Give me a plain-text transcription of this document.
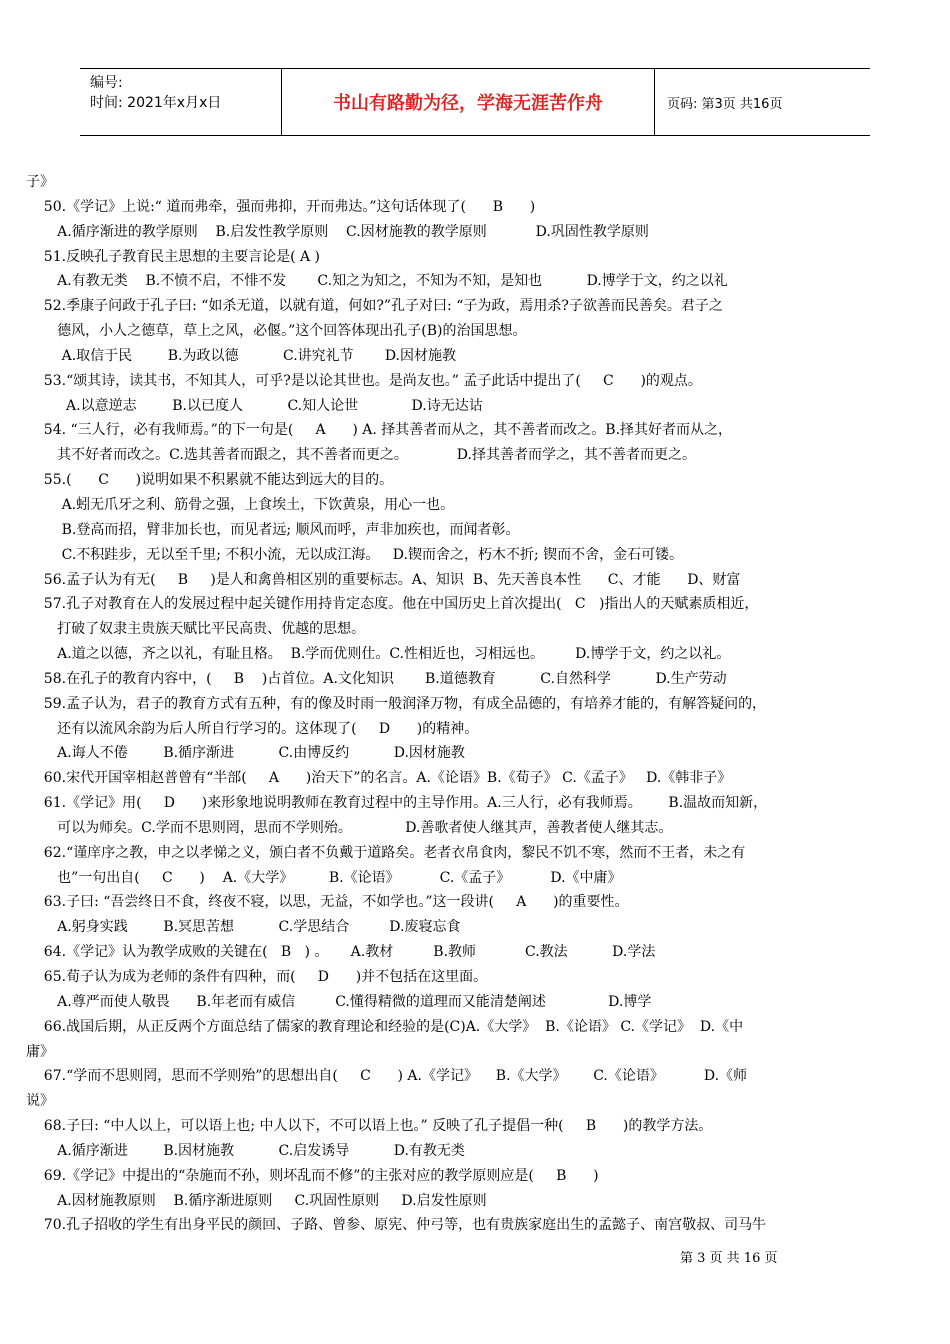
编号:
时间: 2021年x月x日	书山有路勤为径，学海无涯苦作舟	页码: 第3页 共16页
子》
50.《学记》上说:“ 道而弗牵，强而弗抑，开而弗达。”这句话体现了(      B      )
A.循序渐进的教学原则    B.启发性教学原则    C.因材施教的教学原则           D.巩固性教学原则
51.反映孔子教育民主思想的主要言论是( A )
A.有教无类    B.不愤不启，不悱不发       C.知之为知之，不知为不知，是知也          D.博学于文，约之以礼
52.季康子问政于孔子曰: “如杀无道，以就有道，何如?”孔子对曰: “子为政，焉用杀?子欲善而民善矣。君子之
德风，小人之德草，草上之风，必偃。”这个回答体现出孔子(B)的治国思想。
A.取信于民        B.为政以德          C.讲究礼节       D.因材施教
53.“颂其诗，读其书，不知其人，可乎?是以论其世也。是尚友也。” 孟子此话中提出了(     C      )的观点。
A.以意逆志        B.以已度人          C.知人论世            D.诗无达诂
54. “三人行，必有我师焉。”的下一句是(     A      ) A. 择其善者而从之，其不善者而改之。B.择其好者而从之，
其不好者而改之。C.选其善者而跟之，其不善者而更之。           D.择其善者而学之，其不善者而更之。
55.(      C      )说明如果不积累就不能达到远大的目的。
A.蚓无爪牙之利、筋骨之强，上食埃土，下饮黄泉，用心一也。
B.登高而招，臂非加长也，而见者远; 顺风而呼，声非加疾也，而闻者彰。
C.不积跬步，无以至千里; 不积小流，无以成江海。   D.锲而舍之，朽木不折; 锲而不舍，金石可镂。
56.孟子认为有无(     B     )是人和禽兽相区别的重要标志。A、知识  B、先天善良本性      C、才能      D、财富
57.孔子对教育在人的发展过程中起关键作用持肯定态度。他在中国历史上首次提出(   C   )指出人的天赋素质相近，
打破了奴隶主贵族天赋比平民高贵、优越的思想。
A.道之以德，齐之以礼，有耻且格。  B.学而优则仕。C.性相近也，习相远也。       D.博学于文，约之以礼。
58.在孔子的教育内容中，(     B    )占首位。A.文化知识       B.道德教育          C.自然科学          D.生产劳动
59.孟子认为，君子的教育方式有五种，有的像及时雨一般润泽万物，有成全品德的，有培养才能的，有解答疑问的，
还有以流风余韵为后人所自行学习的。这体现了(     D      )的精神。
A.诲人不倦        B.循序渐进          C.由博反约          D.因材施教
60.宋代开国宰相赵普曾有“半部(     A      )治天下”的名言。A.《论语》B.《荀子》 C.《孟子》   D.《韩非子》
61.《学记》用(     D      )来形象地说明教师在教育过程中的主导作用。A.三人行，必有我师焉。      B.温故而知新，
可以为师矣。C.学而不思则罔，思而不学则殆。            D.善歌者使人继其声，善教者使人继其志。
62.“谨庠序之教，申之以孝悌之义，颁白者不负戴于道路矣。老者衣帛食肉，黎民不饥不寒，然而不王者，未之有
也”一句出自(     C      )    A.《大学》        B.《论语》         C.《孟子》         D.《中庸》
63.子曰: “吾尝终日不食，终夜不寝，以思，无益，不如学也。”这一段讲(     A      )的重要性。
A.躬身实践        B.冥思苦想          C.学思结合         D.废寝忘食
64.《学记》认为教学成败的关键在(   B   ) 。     A.教材         B.教师           C.教法          D.学法
65.荀子认为成为老师的条件有四种，而(     D      )并不包括在这里面。
A.尊严而使人敬畏      B.年老而有威信         C.懂得精微的道理而又能清楚阐述              D.博学
66.战国后期，从正反两个方面总结了儒家的教育理论和经验的是(C)A.《大学》  B.《论语》 C.《学记》  D.《中
庸》
67.“学而不思则罔，思而不学则殆”的思想出自(     C      ) A.《学记》    B.《大学》      C.《论语》         D.《师
说》
68.子曰: “中人以上，可以语上也; 中人以下，不可以语上也。” 反映了孔子提倡一种(     B      )的教学方法。
A.循序渐进        B.因材施教          C.启发诱导          D.有教无类
69.《学记》中提出的“杂施而不孙，则坏乱而不修”的主张对应的教学原则应是(     B      )
A.因材施教原则    B.循序渐进原则     C.巩固性原则     D.启发性原则
70.孔子招收的学生有出身平民的颜回、子路、曾参、原宪、仲弓等，也有贵族家庭出生的孟懿子、南宫敬叔、司马牛
第 3 页 共 16 页
